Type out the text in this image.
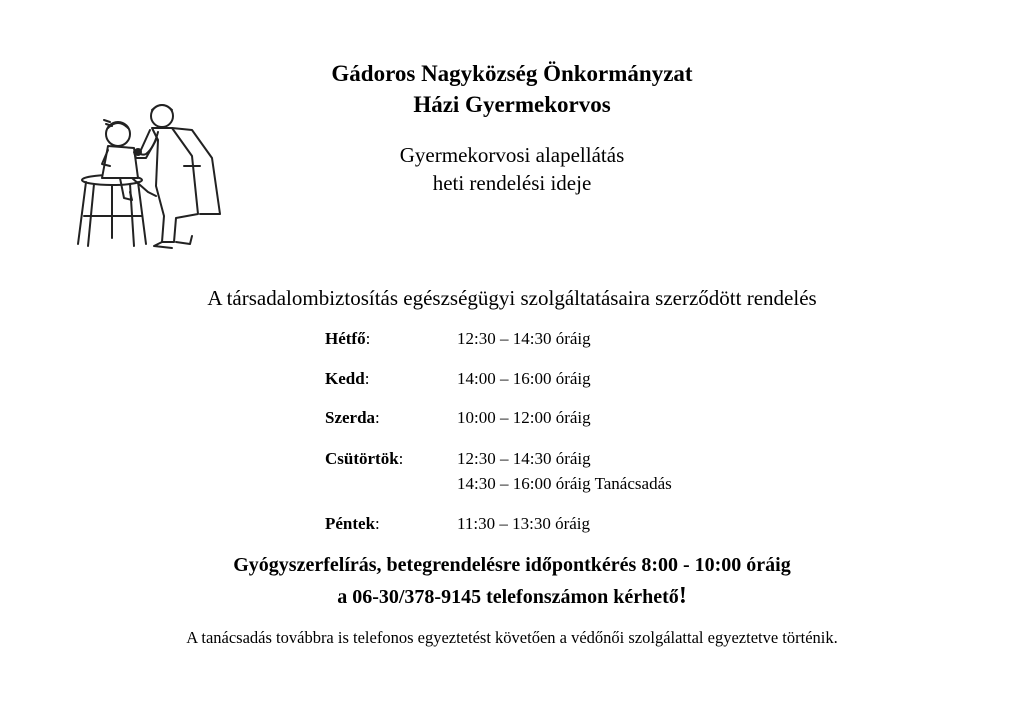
Gádoros Nagyközség Önkormányzat
Házi Gyermekorvos
Gyermekorvosi alapellátás
heti rendelési ideje
A társadalombiztosítás egészségügyi szolgáltatásaira szerződött rendelés
Hétfő:	12:30 – 14:30 óráig
Kedd:	14:00 – 16:00 óráig
Szerda:	10:00 – 12:00 óráig
Csütörtök:	12:30 – 14:30 óráig
14:30 – 16:00 óráig Tanácsadás
Péntek:	11:30 – 13:30 óráig
Gyógyszerfelírás, betegrendelésre időpontkérés 8:00 - 10:00 óráig
a 06-30/378-9145 telefonszámon kérhető!
A tanácsadás továbbra is telefonos egyeztetést követően a védőnői szolgálattal egyeztetve történik.
